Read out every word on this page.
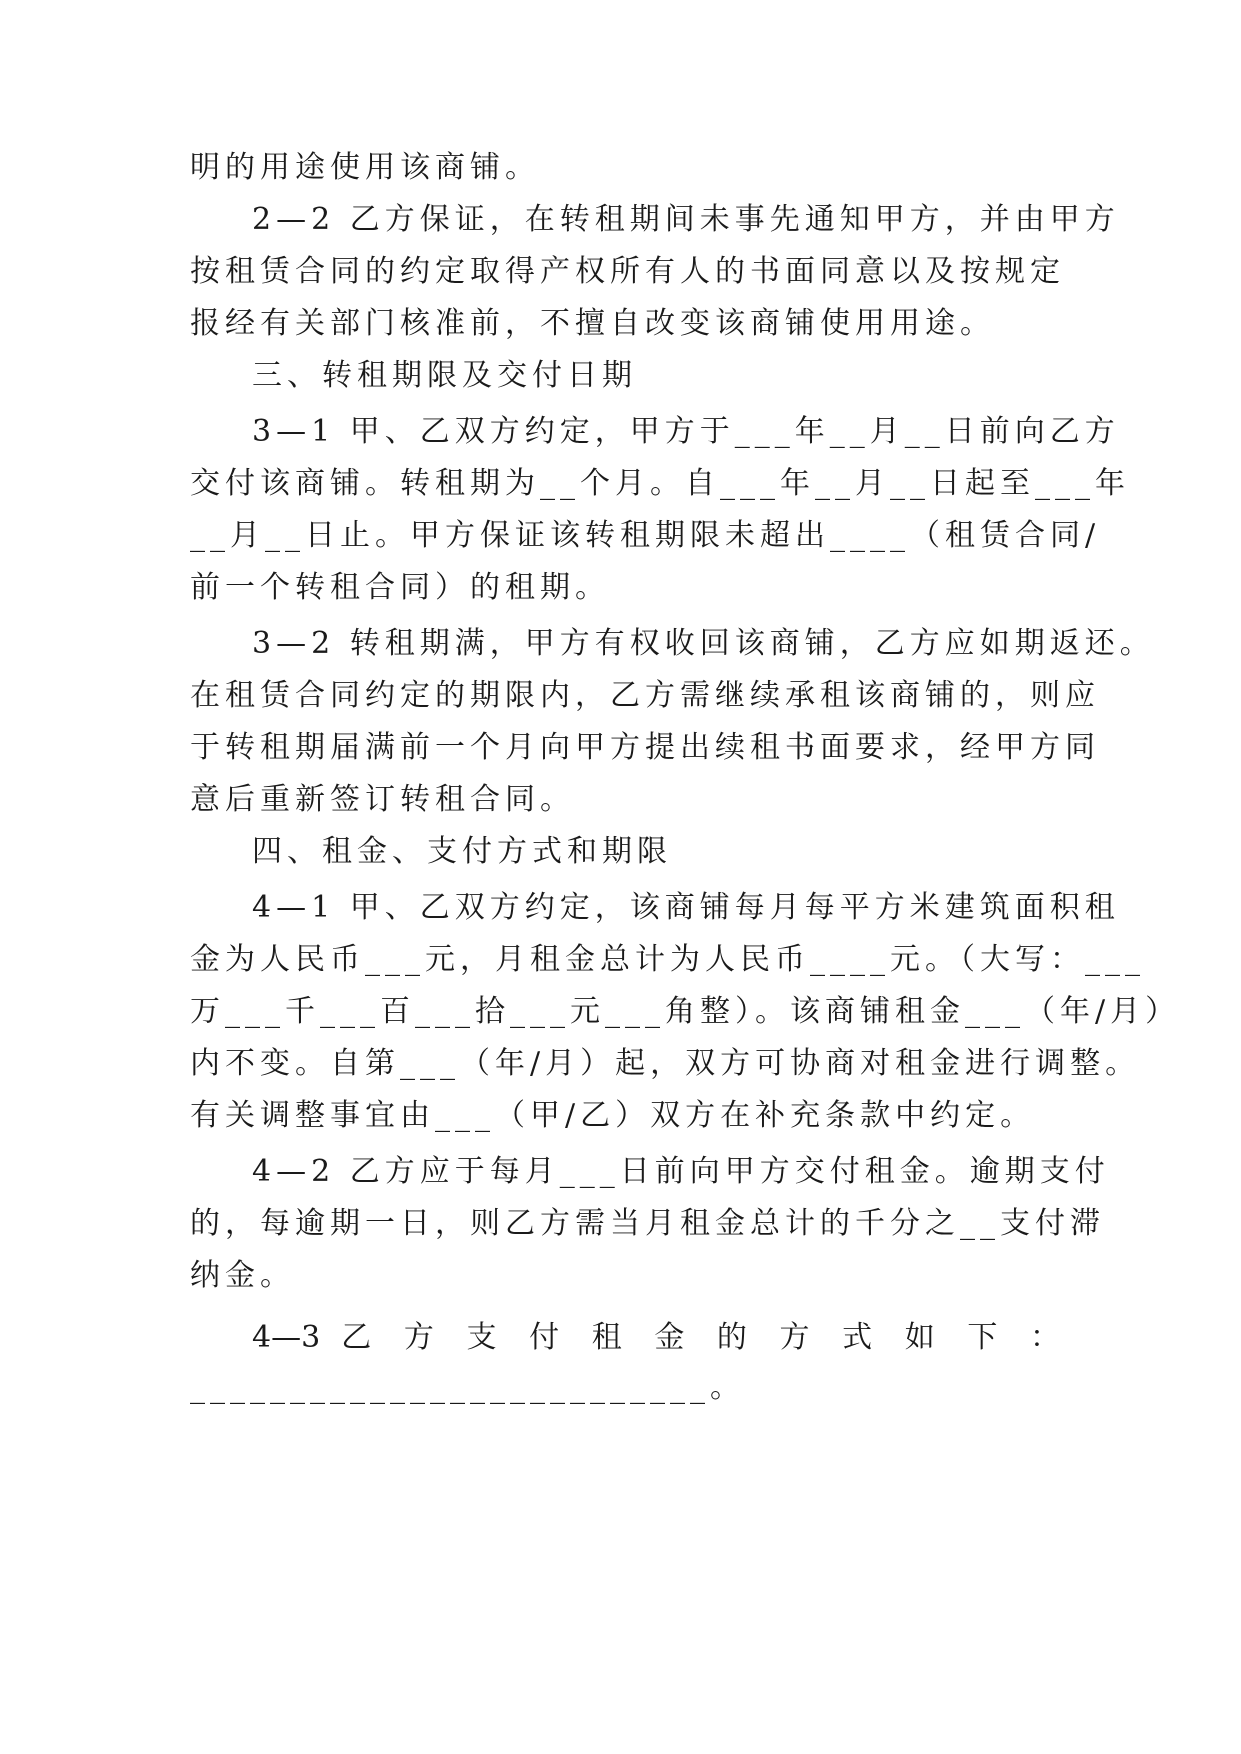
明的用途使用该商铺。
2—2 乙方保证，在转租期间未事先通知甲方，并由甲方
按租赁合同的约定取得产权所有人的书面同意以及按规定
报经有关部门核准前，不擅自改变该商铺使用用途。
三、转租期限及交付日期
3—1 甲、乙双方约定，甲方于___年__月__日前向乙方
交付该商铺。转租期为__个月。自___年__月__日起至___年
__月__日止。甲方保证该转租期限未超出____（租赁合同/
前一个转租合同）的租期。
3—2 转租期满，甲方有权收回该商铺，乙方应如期返还。
在租赁合同约定的期限内，乙方需继续承租该商铺的，则应
于转租期届满前一个月向甲方提出续租书面要求，经甲方同
意后重新签订转租合同。
四、租金、支付方式和期限
4—1 甲、乙双方约定，该商铺每月每平方米建筑面积租
金为人民币___元，月租金总计为人民币____元。（大写：___
万___千___百___拾___元___角整）。该商铺租金___（年/月）
内不变。自第___（年/月）起，双方可协商对租金进行调整。
有关调整事宜由___（甲/乙）双方在补充条款中约定。
4—2 乙方应于每月___日前向甲方交付租金。逾期支付
的，每逾期一日，则乙方需当月租金总计的千分之__支付滞
纳金。
4—3 乙 方 支 付 租 金 的 方 式 如 下 ：
__________________________。
